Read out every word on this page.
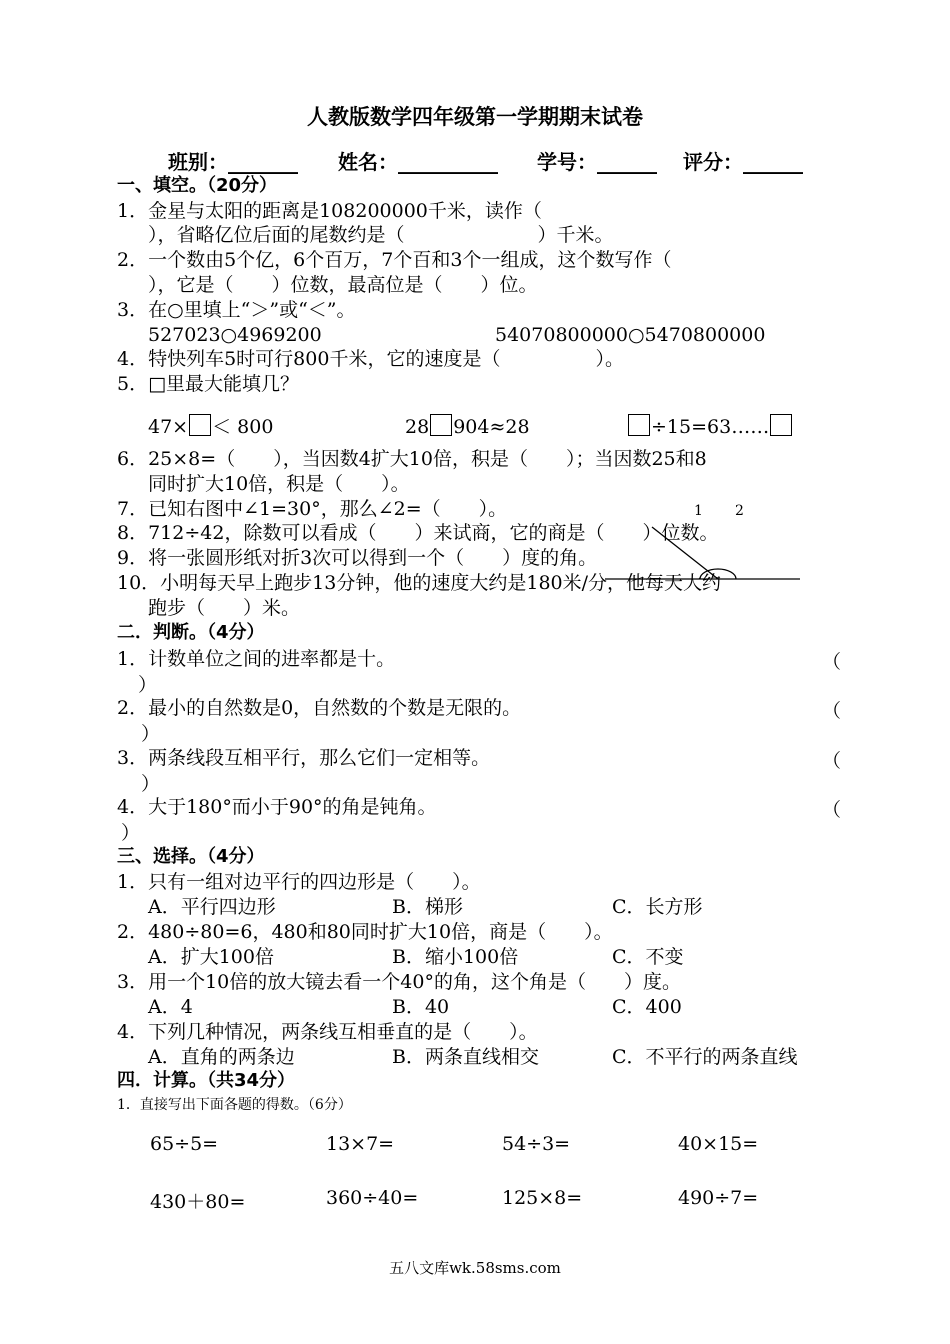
人教版数学四年级第一学期期末试卷
班别：_______ 姓名：__________ 学号：______ 评分：______
一、填空。（20分）
1．金星与太阳的距离是108200000千米，读作（
），省略亿位后面的尾数约是（　　　　　　　）千米。
2．一个数由5个亿，6个百万，7个百和3个一组成，这个数写作（
），它是（　　）位数，最高位是（　　）位。
3．在○里填上“＞”或“＜”。
527023○4969200	54070800000○5470800000
4．特快列车5时可行800千米，它的速度是（　　　　　）。
5．□里最大能填几？
47× ＜ 800	28 904≈28	÷15=63……
6．25×8=（　　），当因数4扩大10倍，积是（　　）；当因数25和8
同时扩大10倍，积是（　　）。
7．已知右图中∠1=30°，那么∠2=（　　）。
8．712÷42，除数可以看成（　　）来试商，它的商是（　　）位数。
9．将一张圆形纸对折3次可以得到一个（　　）度的角。
10．小明每天早上跑步13分钟，他的速度大约是180米/分，他每天大约
跑步（　　）米。
1 2
二．判断。（4分）
1．计数单位之间的进率都是十。	（
）
2．最小的自然数是0，自然数的个数是无限的。	（
）
3．两条线段互相平行，那么它们一定相等。	（
）
4．大于180°而小于90°的角是钝角。	（
）
三、选择。（4分）
1．只有一组对边平行的四边形是（　　）。
A．平行四边形	B．梯形	C．长方形
2．480÷80=6，480和80同时扩大10倍，商是（　　）。
A．扩大100倍	B．缩小100倍	C．不变
3．用一个10倍的放大镜去看一个40°的角，这个角是（　　）度。
A．4	B．40	C．400
4．下列几种情况，两条线互相垂直的是（　　）。
A．直角的两条边	B．两条直线相交	C．不平行的两条直线
四．计算。（共34分）
1．直接写出下面各题的得数。（6分）
65÷5=	13×7=	54÷3=	40×15=
430＋80=	360÷40=	125×8=	490÷7=
五八文库wk.58sms.com
